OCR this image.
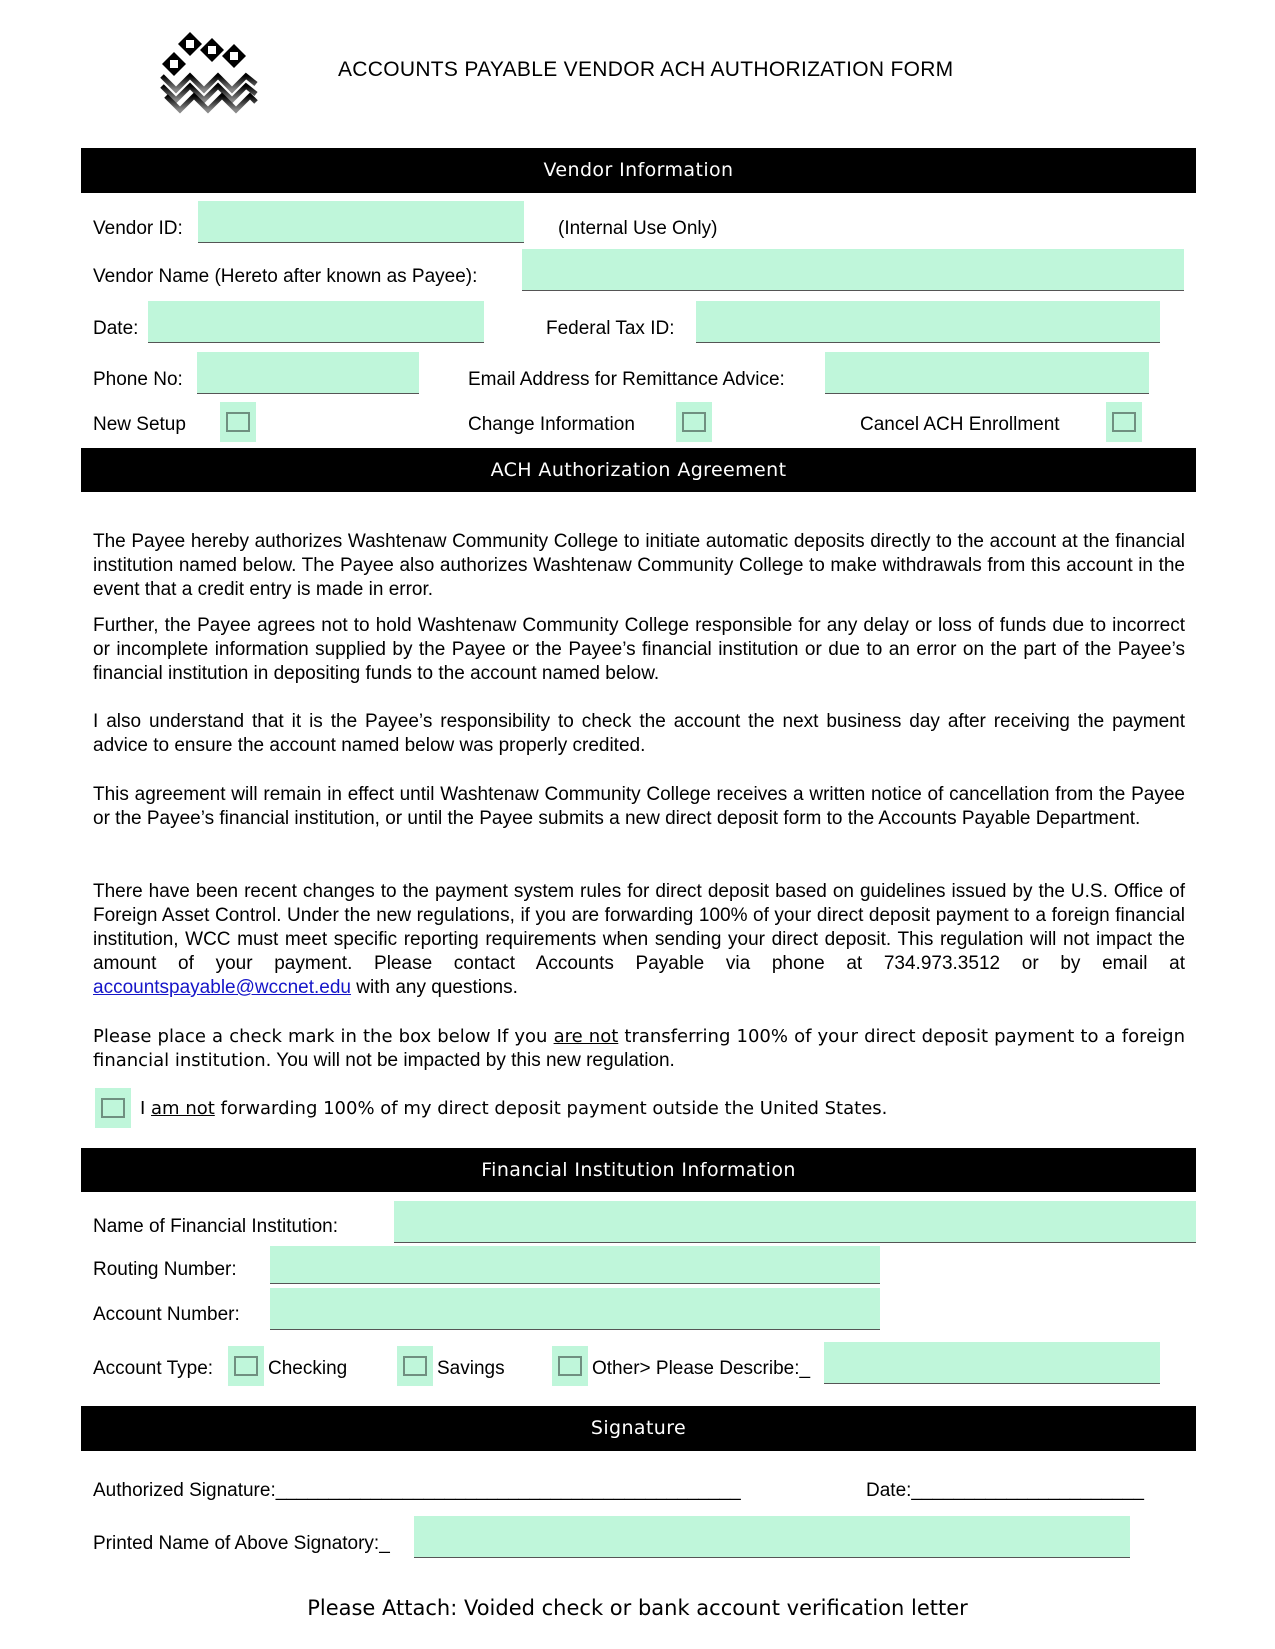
ACCOUNTS PAYABLE VENDOR ACH AUTHORIZATION FORM
Vendor Information
Vendor ID:	(Internal Use Only)
Vendor Name (Hereto after known as Payee):
Date:	Federal Tax ID:
Phone No:	Email Address for Remittance Advice:
New Setup	Change Information	Cancel ACH Enrollment
ACH Authorization Agreement
The Payee hereby authorizes Washtenaw Community College to initiate automatic deposits directly to the account at the financial institution named below. The Payee also authorizes Washtenaw Community College to make withdrawals from this account in the event that a credit entry is made in error.
Further, the Payee agrees not to hold Washtenaw Community College responsible for any delay or loss of funds due to incorrect or incomplete information supplied by the Payee or the Payee’s financial institution or due to an error on the part of the Payee’s financial institution in depositing funds to the account named below.
I also understand that it is the Payee’s responsibility to check the account the next business day after receiving the payment advice to ensure the account named below was properly credited.
This agreement will remain in effect until Washtenaw Community College receives a written notice of cancellation from the Payee or the Payee’s financial institution, or until the Payee submits a new direct deposit form to the Accounts Payable Department.
There have been recent changes to the payment system rules for direct deposit based on guidelines issued by the U.S. Office of Foreign Asset Control. Under the new regulations, if you are forwarding 100% of your direct deposit payment to a foreign financial institution, WCC must meet specific reporting requirements when sending your direct deposit. This regulation will not impact the amount of your payment. Please contact Accounts Payable via phone at 734.973.3512 or by email at accountspayable@wccnet.edu with any questions.
Please place a check mark in the box below If you are not transferring 100% of your direct deposit payment to a foreign financial institution. You will not be impacted by this new regulation.
I am not forwarding 100% of my direct deposit payment outside the United States.
Financial Institution Information
Name of Financial Institution:
Routing Number:
Account Number:
Account Type:	Checking	Savings	Other> Please Describe:_
Signature
Authorized Signature:____________________________________________	Date:______________________
Printed Name of Above Signatory:_
Please Attach: Voided check or bank account verification letter
